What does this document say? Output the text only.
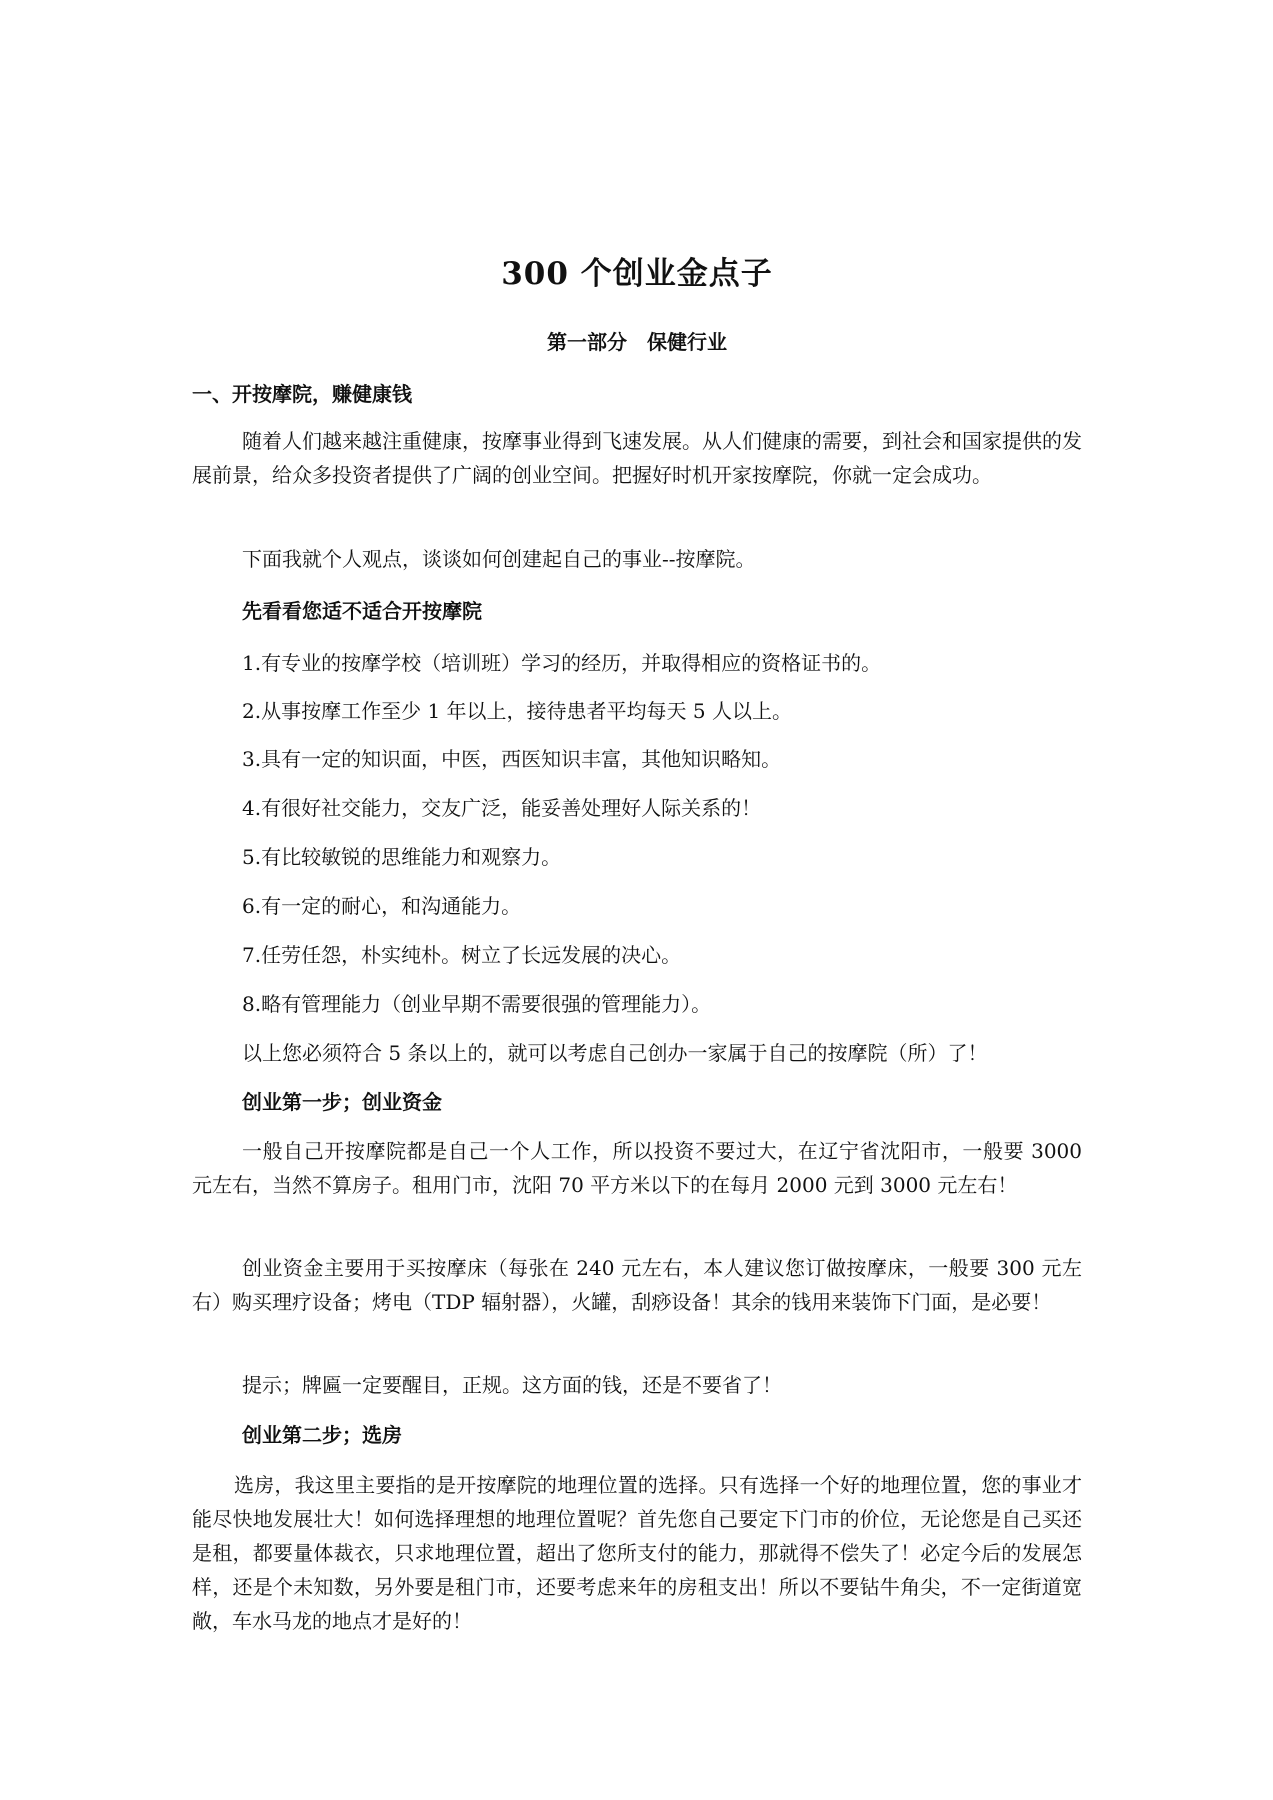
300 个创业金点子
第一部分　保健行业
一、开按摩院，赚健康钱

随着人们越来越注重健康，按摩事业得到飞速发展。从人们健康的需要，到社会和国家提供的发展前景，给众多投资者提供了广阔的创业空间。把握好时机开家按摩院，你就一定会成功。

下面我就个人观点，谈谈如何创建起自己的事业--按摩院。

先看看您适不适合开按摩院

1.有专业的按摩学校（培训班）学习的经历，并取得相应的资格证书的。

2.从事按摩工作至少 1 年以上，接待患者平均每天 5 人以上。

3.具有一定的知识面，中医，西医知识丰富，其他知识略知。

4.有很好社交能力，交友广泛，能妥善处理好人际关系的！

5.有比较敏锐的思维能力和观察力。

6.有一定的耐心，和沟通能力。

7.任劳任怨，朴实纯朴。树立了长远发展的决心。

8.略有管理能力（创业早期不需要很强的管理能力）。

以上您必须符合 5 条以上的，就可以考虑自己创办一家属于自己的按摩院（所）了！

创业第一步；创业资金

一般自己开按摩院都是自己一个人工作，所以投资不要过大，在辽宁省沈阳市，一般要 3000 元左右，当然不算房子。租用门市，沈阳 70 平方米以下的在每月 2000 元到 3000 元左右！

创业资金主要用于买按摩床（每张在 240 元左右，本人建议您订做按摩床，一般要 300 元左右）购买理疗设备；烤电（TDP 辐射器），火罐，刮痧设备！其余的钱用来装饰下门面，是必要！

提示；牌匾一定要醒目，正规。这方面的钱，还是不要省了！

创业第二步；选房

选房，我这里主要指的是开按摩院的地理位置的选择。只有选择一个好的地理位置，您的事业才能尽快地发展壮大！如何选择理想的地理位置呢？首先您自己要定下门市的价位，无论您是自己买还是租，都要量体裁衣，只求地理位置，超出了您所支付的能力，那就得不偿失了！必定今后的发展怎样，还是个未知数，另外要是租门市，还要考虑来年的房租支出！所以不要钻牛角尖，不一定街道宽敞，车水马龙的地点才是好的！
